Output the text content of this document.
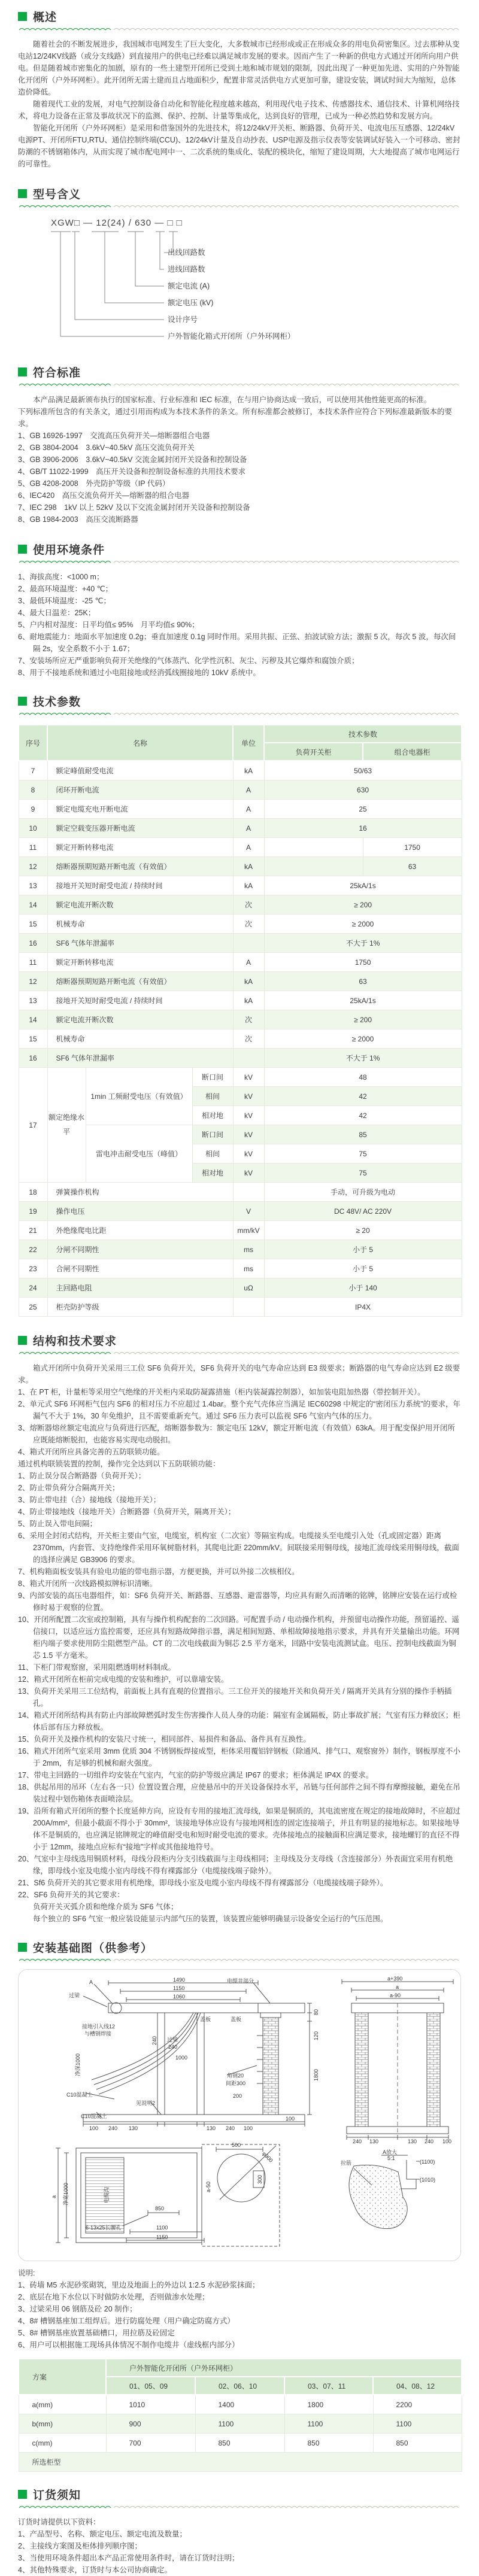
概述
随着社会的不断发展进步，我国城市电网发生了巨大变化，大多数城市已经形成或正在形成众多的用电负荷密集区。过去那种从变电站12/24KV线路（或分支线路）到直接用户的供电已经难以满足城市发展的要求。因而产生了一种新的供电方式通过开闭所向用户供电。但是随着城市密集化的加剧，原有的一些土建型开闭所已受到土地和城市规划的限制，因此出现了一种更加先进、实用的户外智能化开闭所（户外环网柜）。此开闭所无需土建而且占地面积少，配置非常灵活供电方式更加可靠，建设安装，调试时间大为缩短，总体造价降低。
随着现代工业的发展，对电气控制设备自动化和智能化程度越来越高，利用现代电子技术、传感器技术、通信技术、计算机网络技术，将电力设备在正常及事故状况下的监测、保护、控制、计量等集成化，达到良好的管理，已成为一种必然趋势和发展方向。
智能化开闭所（户外环网柜）是采用和借鉴国外的先进技术，将12/24kV开关柜、断路器、负荷开关、电流电压互感器、12/24kV电源PT、开闭所FTU,RTU、通信控制终端(CCU)、12/24kV计量及自动抄表、USP电源及指示仪表等安装调试好装入一个可移动、密封防潮的不锈钢箱体内，从而实现了城市配电网中一、二次系统的集成化、装配的模块化，缩短了建设周期，大大地提高了城市电网运行的可靠性。
型号含义
XGW□ — 12(24) / 630 — □ □
出线回路数
进线回路数
额定电流 (A)
额定电压 (kV)
设计序号
户外智能化箱式开闭所（户外环网柜）
符合标准
本产品满足最新颁布执行的国家标准、行业标准和 IEC 标准，在与用户协商达成一致后，可以使用其他性能更高的标准。
下列标准所包含的有关条文，通过引用而构成为本技术条件的条文。所有标准都会被修订，本技术条件应符合下列标准最新版本的要求。
1、GB 16926-1997　交流高压负荷开关—熔断器组合电器
2、GB 3804-2004　3.6kV~40.5kV 高压交流负荷开关
3、GB 3906-2006　3.6kV~40.5kV 交流金属封闭开关设备和控制设备
4、GB/T 11022-1999　高压开关设备和控制设备标准的共用技术要求
5、GB 4208-2008　外壳防护等级（IP 代码）
6、IEC420　高压交流负荷开关—熔断器的组合电器
7、IEC 298　1kV 以上 52kV 及以下交流金属封闭开关设备和控制设备
8、GB 1984-2003　高压交流断路器
使用环境条件
1、海拔高度：<1000 m；
2、最高环境温度：+40 ℃；
3、最低环境温度：-25 ℃；
4、最大日温差：25K；
5、户内相对湿度：日平均值≤ 95%　月平均值≤ 90%；
6、耐地震能力：地面水平加速度 0.2g；垂直加速度 0.1g 同时作用。采用共振、正弦、拍波试验方法；激振 5 次，每次 5 波，每次间隔 2s，安全系数不小于 1.67；
7、安装场所应无严重影响负荷开关绝缘的气体蒸汽、化学性沉积、灰尘、污秽及其它爆炸和腐蚀介质；
8、用于不接地系统和通过小电阻接地或经消弧线圈接地的 10kV 系统中。
技术参数
序号	名称			单位	技术参数	
					负荷开关柜	组合电器柜
7	额定峰值耐受电流			kA	50/63	
8	闭环开断电流			A	630	
9	额定电缆充电开断电流			A	25	
10	额定空载变压器开断电流			A	16	
11	额定开断转移电流			A		1750
12	熔断器预期短路开断电流（有效值）			kA		63
13	接地开关短时耐受电流 / 持续时间			kA	25kA/1s	
14	额定电流开断次数			次	≥ 200	
15	机械寿命			次	≥ 2000	
16	SF6 气体年泄漏率				不大于 1%	
11	额定开断转移电流			A	1750	
12	熔断器预期短路开断电流（有效值）			kA	63	
13	接地开关短时耐受电流 / 持续时间			kA	25kA/1s	
14	额定电流开断次数			次	≥ 200	
15	机械寿命			次	≥ 2000	
16	SF6 气体年泄漏率				不大于 1%	
17	额定绝缘水平	1min 工频耐受电压（有效值）	断口间	kV	48	
			相间	kV	42	
			相对地	kV	42	
		雷电冲击耐受电压（峰值）	断口间	kV	85	
			相间	kV	75	
			相对地	kV	75	
18	弹簧操作机构				手动，可升级为电动	
19	操作电压			V	DC 48V/ AC 220V	
21	外绝缘爬电比距			mm/kV	≥ 20	
22	分闸不同期性			ms	小于 5	
23	合闸不同期性			ms	小于 5	
24	主回路电阻			uΩ	小于 140	
25	柜壳防护等级				IP4X	
结构和技术要求
箱式开闭所中负荷开关采用三工位 SF6 负荷开关，SF6 负荷开关的电气寿命应达到 E3 级要求；断路器的电气寿命应达到 E2 级要求。
1、在 PT 柜，计量柜等采用空气绝缘的开关柜内采取防凝露措施（柜内装凝露控制器），如加装电阻加热器（带控制开关）。
2、单元式 SF6 环网柜气包内 SF6 的相对压力不应超过 1.4bar。整个充气壳体应当满足 IEC60298 中规定的“密闭压力系统”的要求，年漏气不大于 1%，30 年免维护，且不需要重新充气。通过 SF6 压力表可以监视 SF6 气室内气体的压力。
3、熔断器熔丝额定电流应与负荷进行匹配，熔断器参数为：额定电压 12kV，额定开断电流（有效值）63kA。用于配变保护用开闭所应既能熔断脱扣，也能容易实现电动脱扣。
4、箱式开闭所应具备完善的五防联锁功能。
通过机构联锁装置的控制，操作完全达到以下五防联锁功能：
1、防止误分误合断路器（负荷开关）；
2、防止带负荷分合隔离开关；
3、防止带电挂（合）接地线（接地开关）；
4、防止带接地线（接地开关）合断路器（负荷开关，隔离开关）；
5、防止误入带电间隔；
6、采用全封闭式结构，开关柜主要由气室，电缆室，机构室（二次室）等隔室构成。电缆接头至电缆引入处（孔或固定器）距离 2370mm，内套管、支持绝缘件采用环氧树脂材料，其爬电比距 220mm/kV。间联接采用铜母线，接地汇流母线采用铜母线，截面的选择应满足 GB3906 的要求。
7、机构箱面板安装具有验电功能的带电指示器，方便更换，并可以外接二次核相仪。
8、箱式开闭所一次线路模拟牌标识清晰。
9、内部安装的高压电器组件，如：SF6 负荷开关、断路器、互感器、避雷器等，均应具有耐久而清晰的铭牌，铭牌应安装在运行或检修时易于观察的位置。
10、开闭所配置二次室或控制箱，具有与操作机构配套的二次回路。可配置手动 / 电动操作机构，并预留电动操作功能，预留遥控、遥信接口，以适应远方监控需要，还应具有短路故障指示器，满足相间短路、单相故障接地指示要求，并具有开关量输出功能。环网柜内端子要求使用防尘阻燃型产品。CT 的二次电线截面为铜芯 2.5 平方毫米，回路中安装电流测试盒。电压、控制电线截面为铜芯 1.5 平方毫米。
11、下柜门带观察窗，采用阻燃透明材料制成。
12、箱式开闭所在柜前完成电缆的安装和维护，可以靠墙安装。
13、负荷开关采用三工位结构，前面板上具有直观的位置指示。三工位开关的接地开关和负荷开关 / 隔离开关具有分别的操作手柄插孔。
14、箱式开闭所结构具有防止内部故障燃弧时发生伤害操作人员人身的功能：隔室有金属隔板，防止事故扩展；气室有压力释放区；柜体后部有压力释放板。
15、负荷开关及操作机构的安装尺寸统一，相同部件、易损件和备品、备件具有互换性。
16、箱式开闭所气室采用 3mm 优质 304 不锈钢板焊接成型，柜体采用覆铝锌钢板（除通风、排气口、观察窗外）制作，钢板厚度不小于 2mm，有足够的机械和耐火强度。
17、带电主回路的一切组件均安装在气室内，气室的防护等级应满足 IP67 的要求；柜体满足 IP4X 的要求。
18、供起吊用的吊环（左右各一只）位置设置合理，应使悬吊中的开关设备保持水平，吊链与任何部件之间不得有摩擦接触，避免在吊装过程中划伤箱体表面喷涂层。
19、沿所有箱式开闭所的整个长度延伸方向，应设有专用的接地汇流母线，如果是铜质的，其电流密度在规定的接地故障时，不应超过 200A/mm²，但最小截面不得小于 30mm²，该接地导体应设有与接地网相连的固定连接端子，并且有明显的接地标志。如果接地导体不是铜质的，也应满足铭牌规定的峰值耐受电和短时耐受电流的要求。壳体接地点的接触面积应满足要求，接地螺钉的直径不得小于 12mm，接地点应标有“接地”字样或其他接地符号。
20、气室中主母线选用铜质材料，母线分段柜内分支引线截面与主母线相同；主母线及分支母线（含连接部分）外表面宜采用有机绝缘，即母线小室及电缆小室内母线不得有裸露部分（电缆接线端子除外）。
21、Sf6 负荷开关的其它要求用有机绝缘，即母线小室及电缆小室内母线不得有裸露部分（电缆接线端子除外）。
22、SF6 负荷开关的其它要求：
　　负荷开关灭弧介质和绝缘介质为 SF6 气体；
　　每个独立的 SF6 气室一般应装设能显示内部气压的装置，该装置应能够明确显示设备安全运行的气压范围。
安装基础图（供参考）
1490
1150
1060
A
过梁
电缆井部分
盖板	盖板
接地引入线12
与槽钢焊接
净深1000
240 过梁
240
1000
C10混凝土
见说明2
C10混凝土
角钢20
间距300
200
100 240 130	130 240 100
100
80
120
1800
a+390
a
a-90
240 130	130 240 100
a 净宽1000	电缆沟
850
1100
1150
6-13x25长腰孔
500
φ900
a-50
300
A放大
5:1
拉筋	(1100)
(1010)
说明:
1、砖墙 M5 水泥砂浆砌筑，里边及地面上的外边以 1:2.5 水泥砂浆抹面；
2、底层在地下水位以下时做防水处理，否则做渗水处理；
3、过梁采用 06 钢筋及砼 20 制作；
4、8# 槽钢基座加工组焊后。进行防腐处理（用户确定防腐方式）
5、8# 槽钢基座放置基础槽口，用拉筋及砼固定
6、用户可以根据施工现场具体情况不制作电缆井（虚线框内部分）
方案	户外智能化开闭所（户外环网柜）			
	01、05、09	02、06、10	03、07、11	04、08、12
a(mm)	1010	1400	1800	2200
b(mm)	900	1100	1100	1100
c(mm)	700	850	850	850
所选柜型				
订货须知
订货时请提供以下资料：
1、产品型号、名称、额定电压、额定电流及数量；
2、主接线方案图及柜体排列顺序图；
3、当使用环境条件超出本产品正常使用条件时，请在订货时注明；
4、其他特殊要求，订货时与本公司协商确定。
